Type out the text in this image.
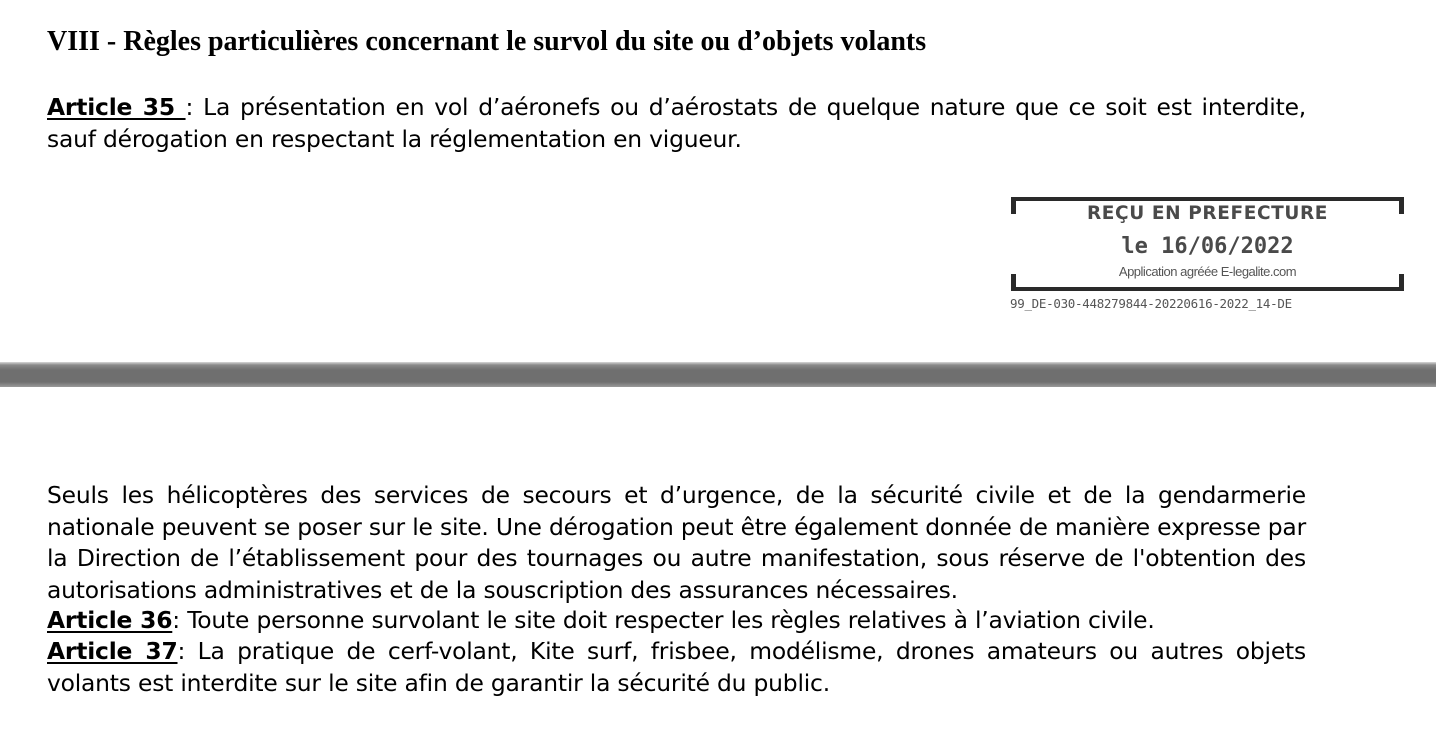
VIII - Règles particulières concernant le survol du site ou d’objets volants

Article 35 : La présentation en vol d’aéronefs ou d’aérostats de quelque nature que ce soit est interdite, sauf dérogation en respectant la réglementation en vigueur.

REÇU EN PREFECTURE
le 16/06/2022
Application agréée E-legalite.com
99_DE-030-448279844-20220616-2022_14-DE

Seuls les hélicoptères des services de secours et d’urgence, de la sécurité civile et de la gendarmerie nationale peuvent se poser sur le site. Une dérogation peut être également donnée de manière expresse par la Direction de l’établissement pour des tournages ou autre manifestation, sous réserve de l'obtention des autorisations administratives et de la souscription des assurances nécessaires.

Article 36: Toute personne survolant le site doit respecter les règles relatives à l’aviation civile.

Article 37: La pratique de cerf-volant, Kite surf, frisbee, modélisme, drones amateurs ou autres objets volants est interdite sur le site afin de garantir la sécurité du public.
